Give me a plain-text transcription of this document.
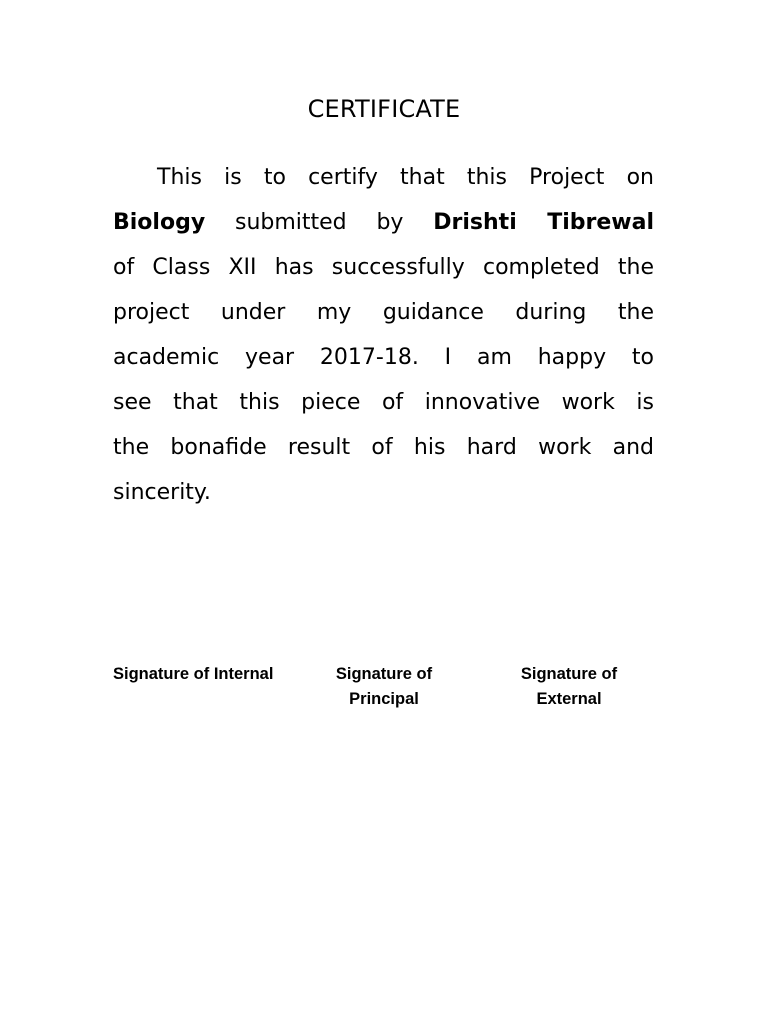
CERTIFICATE
This is to certify that this Project on
Biology submitted by Drishti Tibrewal
of Class XII has successfully completed the
project under my guidance during the
academic year 2017-18. I am happy to
see that this piece of innovative work is
the bonafide result of his hard work and
sincerity.
Signature of Internal	Signature of
Principal
Signature of
External
